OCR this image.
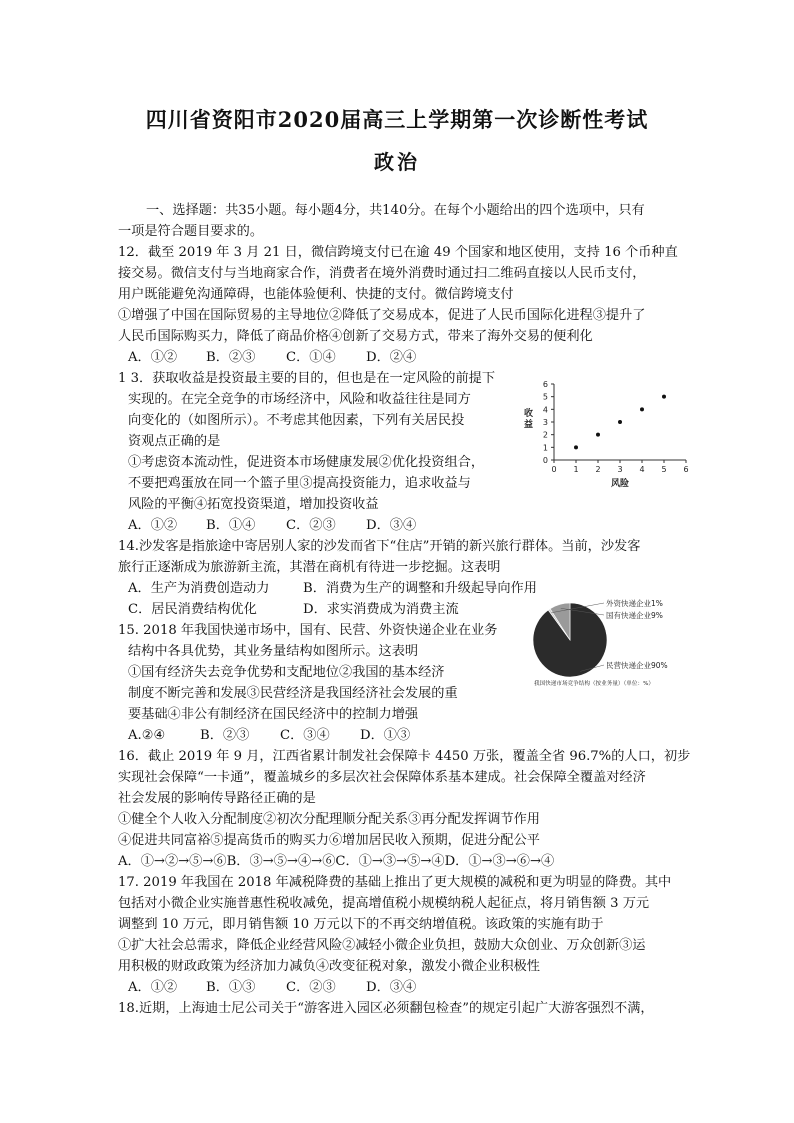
四川省资阳市2020届高三上学期第一次诊断性考试
政治
一、选择题：共35小题。每小题4分，共140分。在每个小题给出的四个选项中，只有
一项是符合题目要求的。
12．截至 2019 年 3 月 21 日，微信跨境支付已在逾 49 个国家和地区使用，支持 16 个币种直
接交易。微信支付与当地商家合作，消费者在境外消费时通过扫二维码直接以人民币支付，
用户既能避免沟通障碍，也能体验便利、快捷的支付。微信跨境支付
①增强了中国在国际贸易的主导地位②降低了交易成本，促进了人民币国际化进程③提升了
人民币国际购买力，降低了商品价格④创新了交易方式，带来了海外交易的便利化
A．①② B．②③ C．①④ D．②④
1 3．获取收益是投资最主要的目的，但也是在一定风险的前提下
实现的。在完全竞争的市场经济中，风险和收益往往是同方
向变化的（如图所示）。不考虑其他因素，下列有关居民投
资观点正确的是
①考虑资本流动性，促进资本市场健康发展②优化投资组合，
不要把鸡蛋放在同一个篮子里③提高投资能力，追求收益与
风险的平衡④拓宽投资渠道，增加投资收益
A．①② B．①④ C．②③ D．③④
0 1 2 3 4 5 6
0
1
2
3
4
5
6
风险
收益
14.沙发客是指旅途中寄居别人家的沙发而省下“住店”开销的新兴旅行群体。当前，沙发客
旅行正逐渐成为旅游新主流，其潜在商机有待进一步挖掘。这表明
A．生产为消费创造动力	B．消费为生产的调整和升级起导向作用
C．居民消费结构优化	D．求实消费成为消费主流
15. 2018 年我国快递市场中，国有、民营、外资快递企业在业务
结构中各具优势，其业务量结构如图所示。这表明
①国有经济失去竞争优势和支配地位②我国的基本经济
制度不断完善和发展③民营经济是我国经济社会发展的重
要基础④非公有制经济在国民经济中的控制力增强
A.②④	B．②③ C．③④ D．①③
外资快递企业1%
国有快递企业9%
民营快递企业90%
我国快递市场竞争结构（按业务量）（单位：%）
16．截止 2019 年 9 月，江西省累计制发社会保障卡 4450 万张，覆盖全省 96.7%的人口，初步
实现社会保障“一卡通”，覆盖城乡的多层次社会保障体系基本建成。社会保障全覆盖对经济
社会发展的影响传导路径正确的是
①健全个人收入分配制度②初次分配理顺分配关系③再分配发挥调节作用
④促进共同富裕⑤提高货币的购买力⑥增加居民收入预期，促进分配公平
A．①→②→⑤→⑥B．③→⑤→④→⑥C．①→③→⑤→④D．①→③→⑥→④
17. 2019 年我国在 2018 年减税降费的基础上推出了更大规模的减税和更为明显的降费。其中
包括对小微企业实施普惠性税收减免，提高增值税小规模纳税人起征点，将月销售额 3 万元
调整到 10 万元，即月销售额 10 万元以下的不再交纳增值税。该政策的实施有助于
①扩大社会总需求，降低企业经营风险②减轻小微企业负担，鼓励大众创业、万众创新③运
用积极的财政政策为经济加力减负④改变征税对象，激发小微企业积极性
A．①② B．①③ C．②③ D．③④
18.近期，上海迪士尼公司关于“游客进入园区必须翻包检查”的规定引起广大游客强烈不满，
